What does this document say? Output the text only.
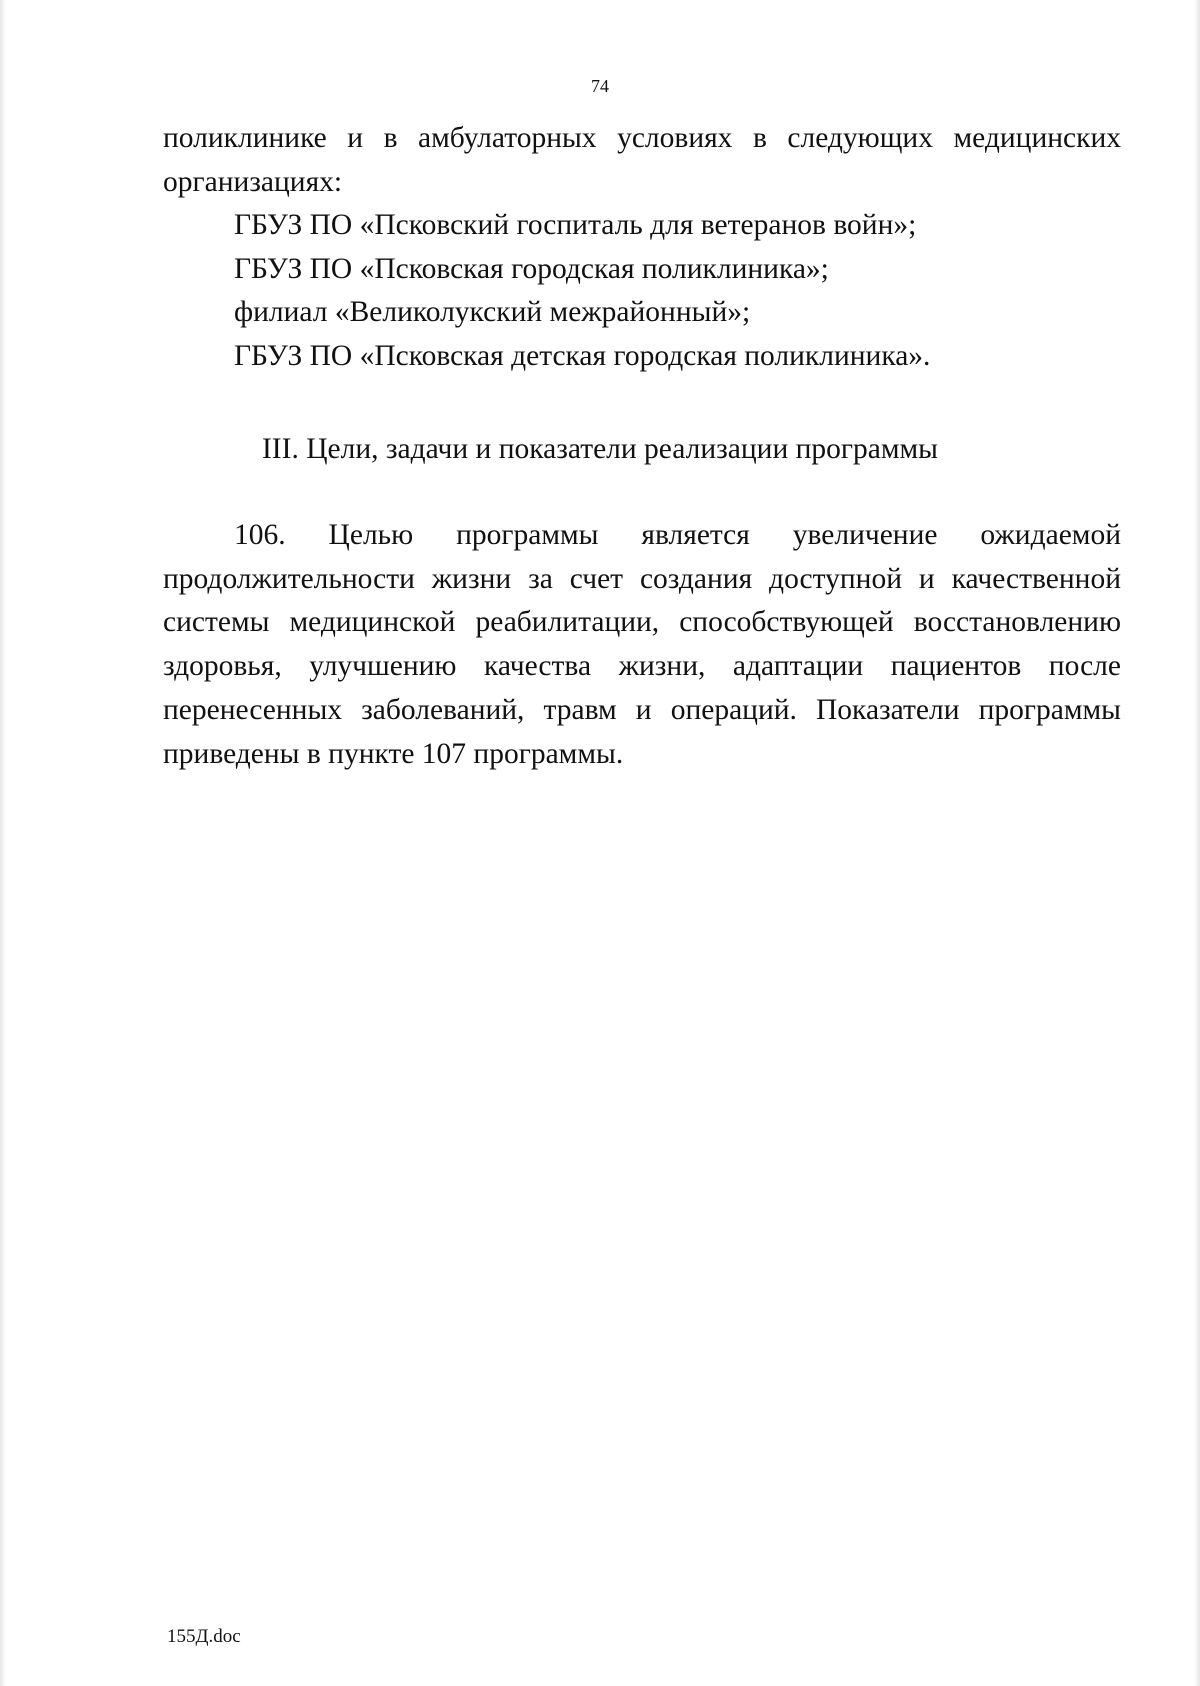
74

поликлинике и в амбулаторных условиях в следующих медицинских организациях:

ГБУЗ ПО «Псковский госпиталь для ветеранов войн»;

ГБУЗ ПО «Псковская городская поликлиника»;

филиал «Великолукский межрайонный»;

ГБУЗ ПО «Псковская детская городская поликлиника».

III. Цели, задачи и показатели реализации программы

106. Целью программы является увеличение ожидаемой продолжительности жизни за счет создания доступной и качественной системы медицинской реабилитации, способствующей восстановлению здоровья, улучшению качества жизни, адаптации пациентов после перенесенных заболеваний, травм и операций. Показатели программы приведены в пункте 107 программы.

155Д.doc
